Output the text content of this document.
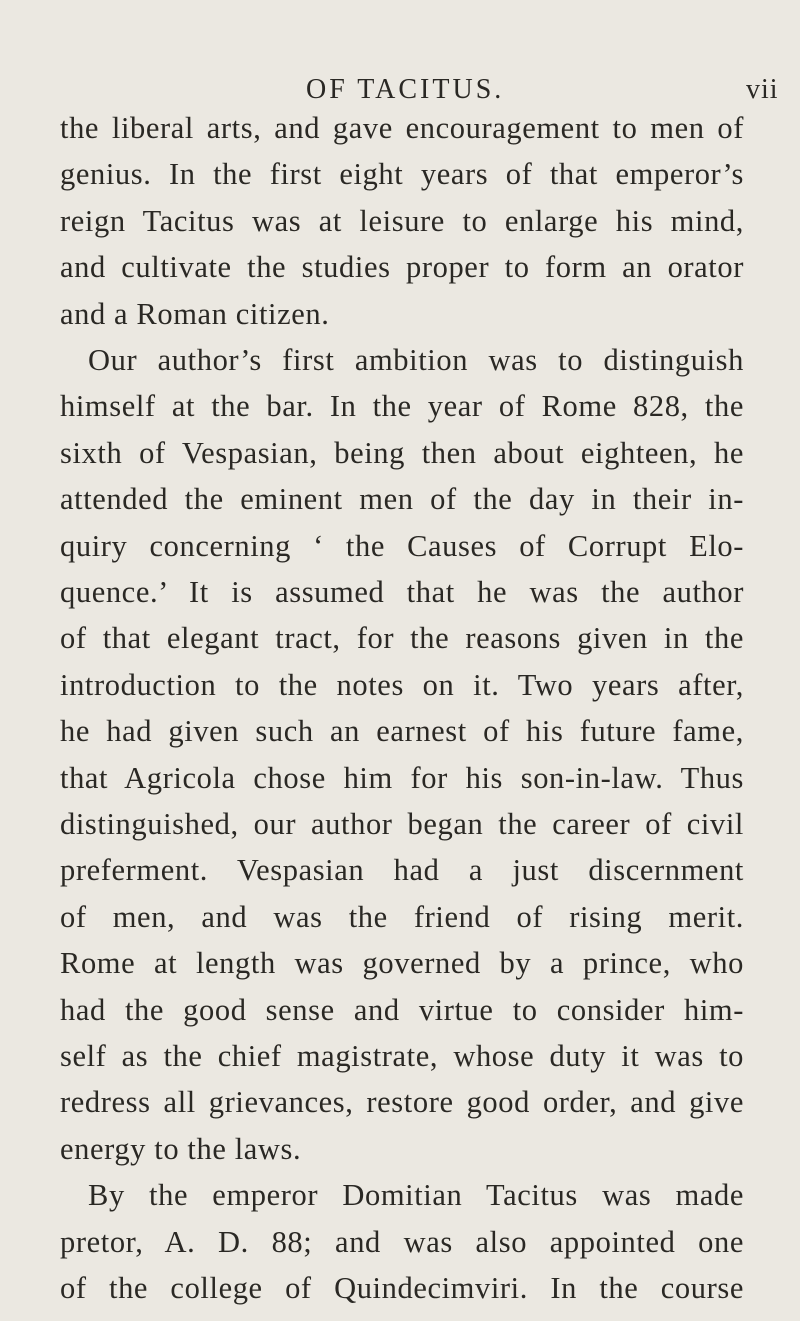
OF TACITUS.	vii
the liberal arts, and gave encouragement to men of
genius. In the first eight years of that emperor’s
reign Tacitus was at leisure to enlarge his mind,
and cultivate the studies proper to form an orator
and a Roman citizen.
Our author’s first ambition was to distinguish
himself at the bar. In the year of Rome 828, the
sixth of Vespasian, being then about eighteen, he
attended the eminent men of the day in their in-
quiry concerning ‘ the Causes of Corrupt Elo-
quence.’ It is assumed that he was the author
of that elegant tract, for the reasons given in the
introduction to the notes on it. Two years after,
he had given such an earnest of his future fame,
that Agricola chose him for his son-in-law. Thus
distinguished, our author began the career of civil
preferment. Vespasian had a just discernment
of men, and was the friend of rising merit.
Rome at length was governed by a prince, who
had the good sense and virtue to consider him-
self as the chief magistrate, whose duty it was to
redress all grievances, restore good order, and give
energy to the laws.
By the emperor Domitian Tacitus was made
pretor, A. D. 88; and was also appointed one
of the college of Quindecimviri. In the course
